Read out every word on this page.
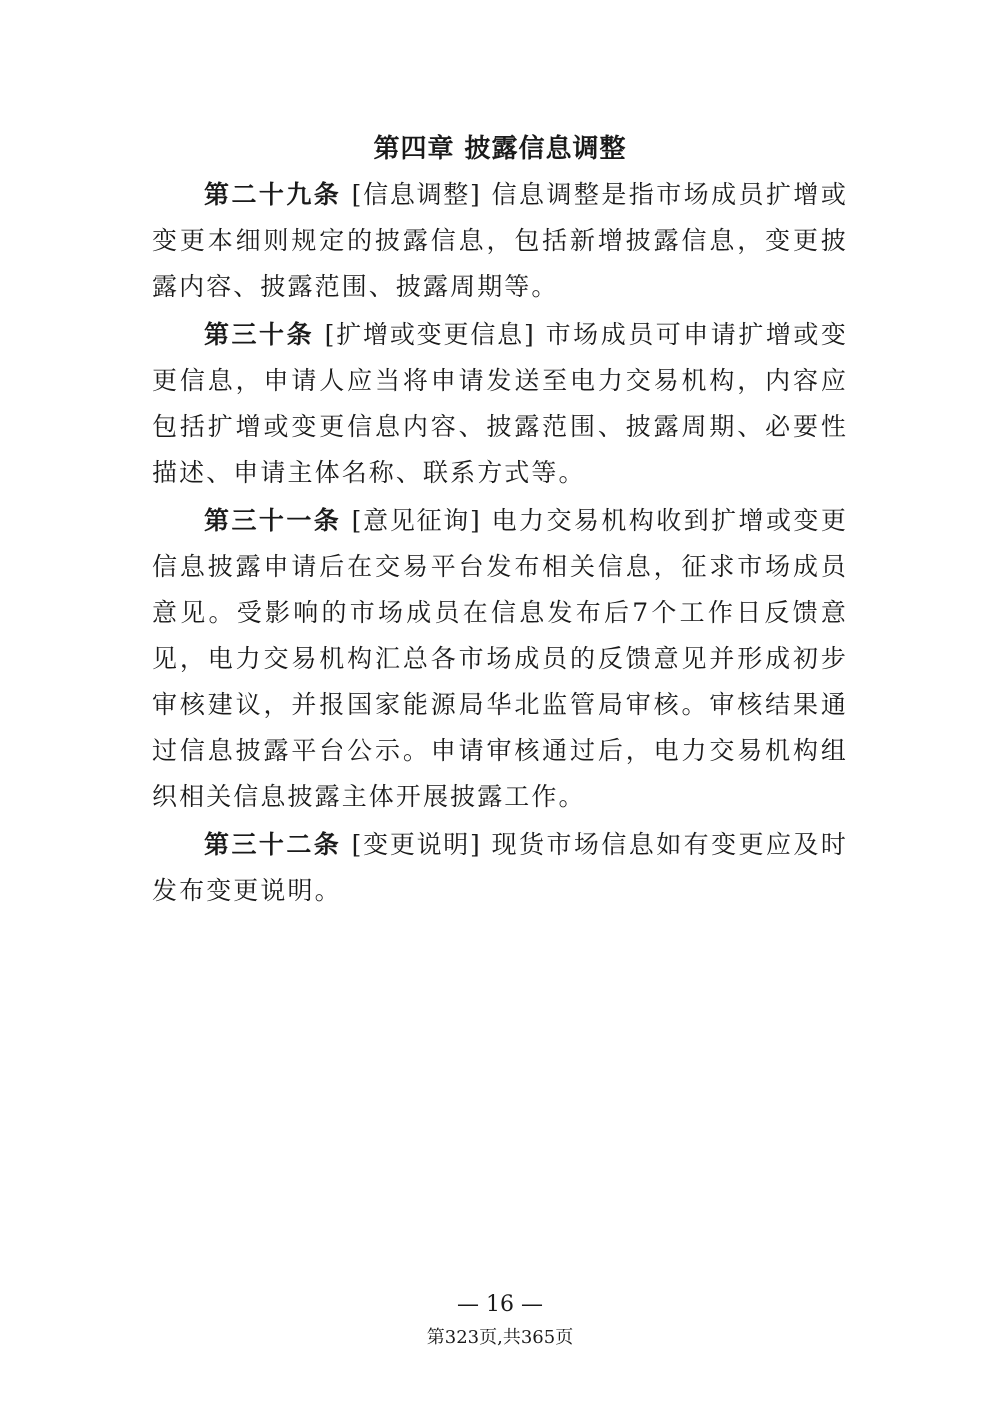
第四章 披露信息调整

第二十九条 [信息调整] 信息调整是指市场成员扩增或变更本细则规定的披露信息，包括新增披露信息，变更披露内容、披露范围、披露周期等。

第三十条 [扩增或变更信息] 市场成员可申请扩增或变更信息，申请人应当将申请发送至电力交易机构，内容应包括扩增或变更信息内容、披露范围、披露周期、必要性描述、申请主体名称、联系方式等。

第三十一条 [意见征询] 电力交易机构收到扩增或变更信息披露申请后在交易平台发布相关信息，征求市场成员意见。受影响的市场成员在信息发布后7个工作日反馈意见，电力交易机构汇总各市场成员的反馈意见并形成初步审核建议，并报国家能源局华北监管局审核。审核结果通过信息披露平台公示。申请审核通过后，电力交易机构组织相关信息披露主体开展披露工作。

第三十二条 [变更说明] 现货市场信息如有变更应及时发布变更说明。

— 16 —
第323页,共365页
